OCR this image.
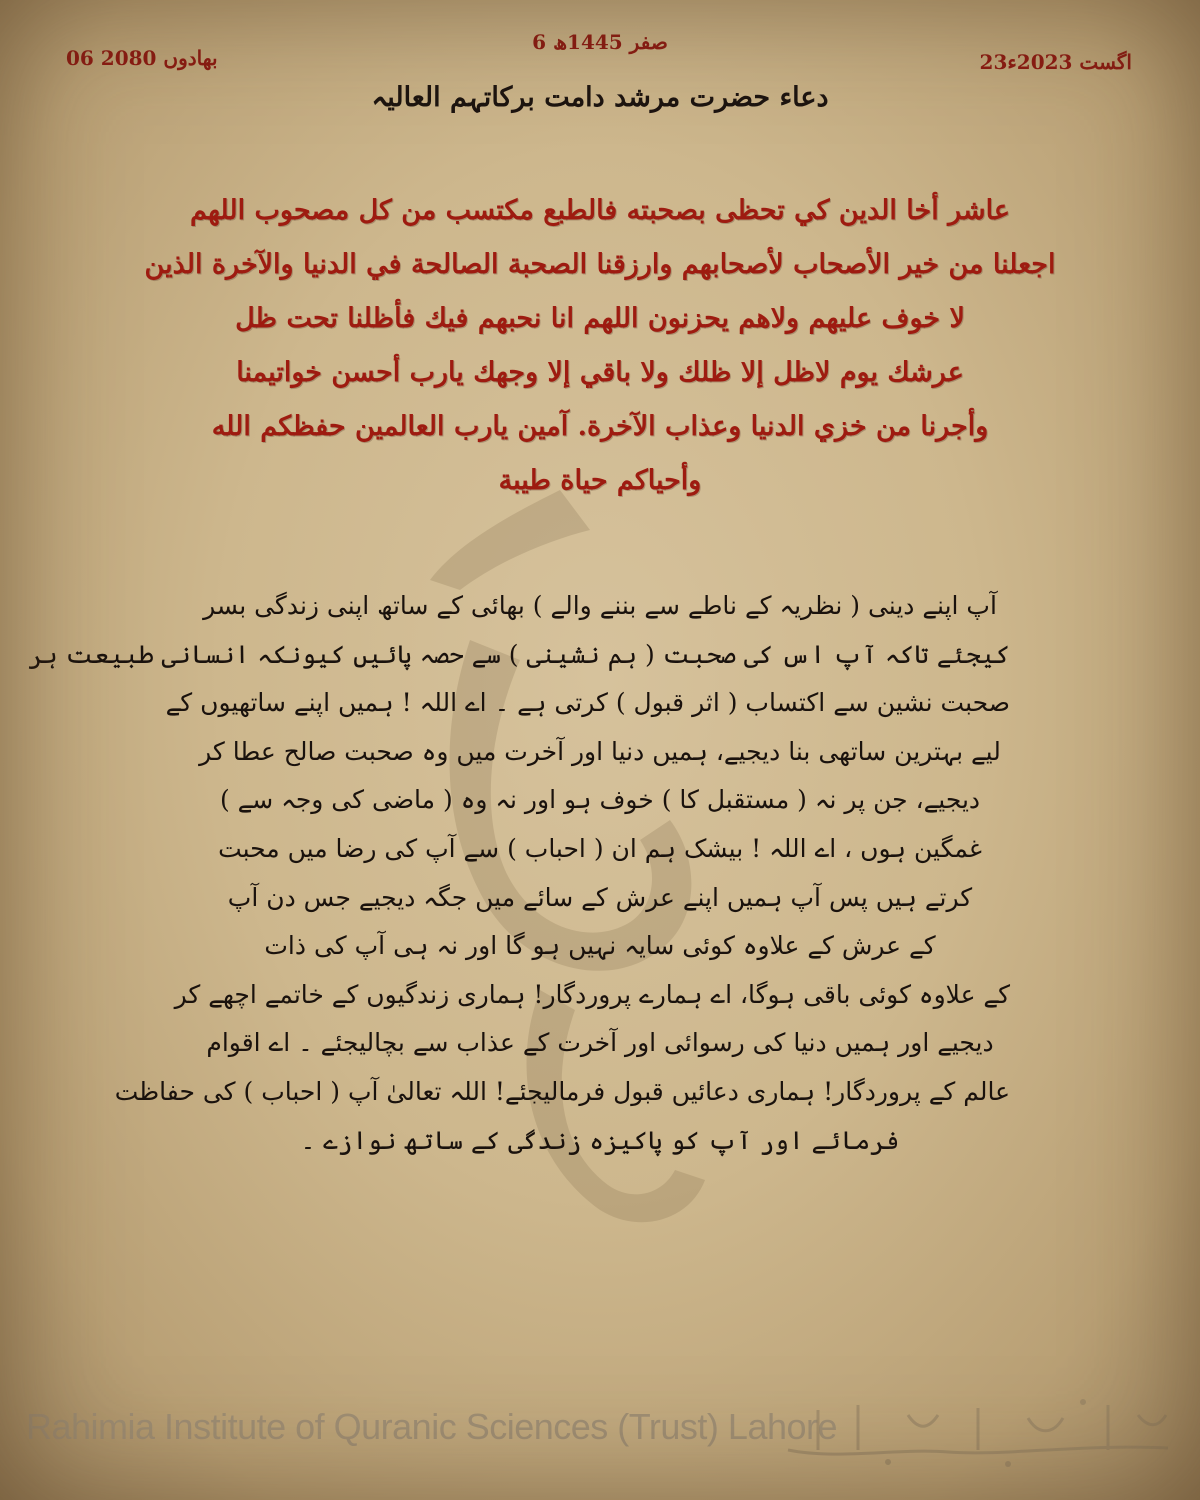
06 بھادوں 2080
6 صفر 1445ھ
23اگست 2023ء
دعاء حضرت مرشد دامت برکاتہم العالیہ
عاشر أخا الدين كي تحظى بصحبته فالطبع مكتسب من كل مصحوب اللهم
اجعلنا من خير الأصحاب لأصحابهم وارزقنا الصحبة الصالحة في الدنيا والآخرة الذين
لا خوف عليهم ولاهم يحزنون اللهم انا نحبهم فيك فأظلنا تحت ظل
عرشك يوم لاظل إلا ظلك ولا باقي إلا وجهك يارب أحسن خواتيمنا
وأجرنا من خزي الدنيا وعذاب الآخرة. آمين يارب العالمين حفظكم الله
وأحياكم حياة طيبة
آپ اپنے دینی ( نظریہ کے ناطے سے بننے والے ) بھائی کے ساتھ اپنی زندگی بسر
کیجئے تاکہ آپ اس کی صحبت ( ہم نشینی ) سے حصہ پائیں کیونکہ انسانی طبیعت ہر
صحبت نشین سے اکتساب ( اثر قبول ) کرتی ہے ۔ اے اللہ ! ہمیں اپنے ساتھیوں کے
لیے بہترین ساتھی بنا دیجیے، ہمیں دنیا اور آخرت میں وہ صحبت صالح عطا کر
دیجیے، جن پر نہ ( مستقبل کا ) خوف ہو اور نہ وہ ( ماضی کی وجہ سے )
غمگین ہوں ، اے اللہ ! بیشک ہم ان ( احباب ) سے آپ کی رضا میں محبت
کرتے ہیں پس آپ ہمیں اپنے عرش کے سائے میں جگہ دیجیے جس دن آپ
کے عرش کے علاوہ کوئی سایہ نہیں ہو گا اور نہ ہی آپ کی ذات
کے علاوہ کوئی باقی ہوگا، اے ہمارے پروردگار! ہماری زندگیوں کے خاتمے اچھے کر
دیجیے اور ہمیں دنیا کی رسوائی اور آخرت کے عذاب سے بچالیجئے ۔ اے اقوام
عالم کے پروردگار! ہماری دعائیں قبول فرمالیجئے! اللہ تعالیٰ آپ ( احباب ) کی حفاظت
فرمائے اور آپ کو پاکیزہ زندگی کے ساتھ نوازے ۔
Rahimia Institute of Quranic Sciences (Trust) Lahore
